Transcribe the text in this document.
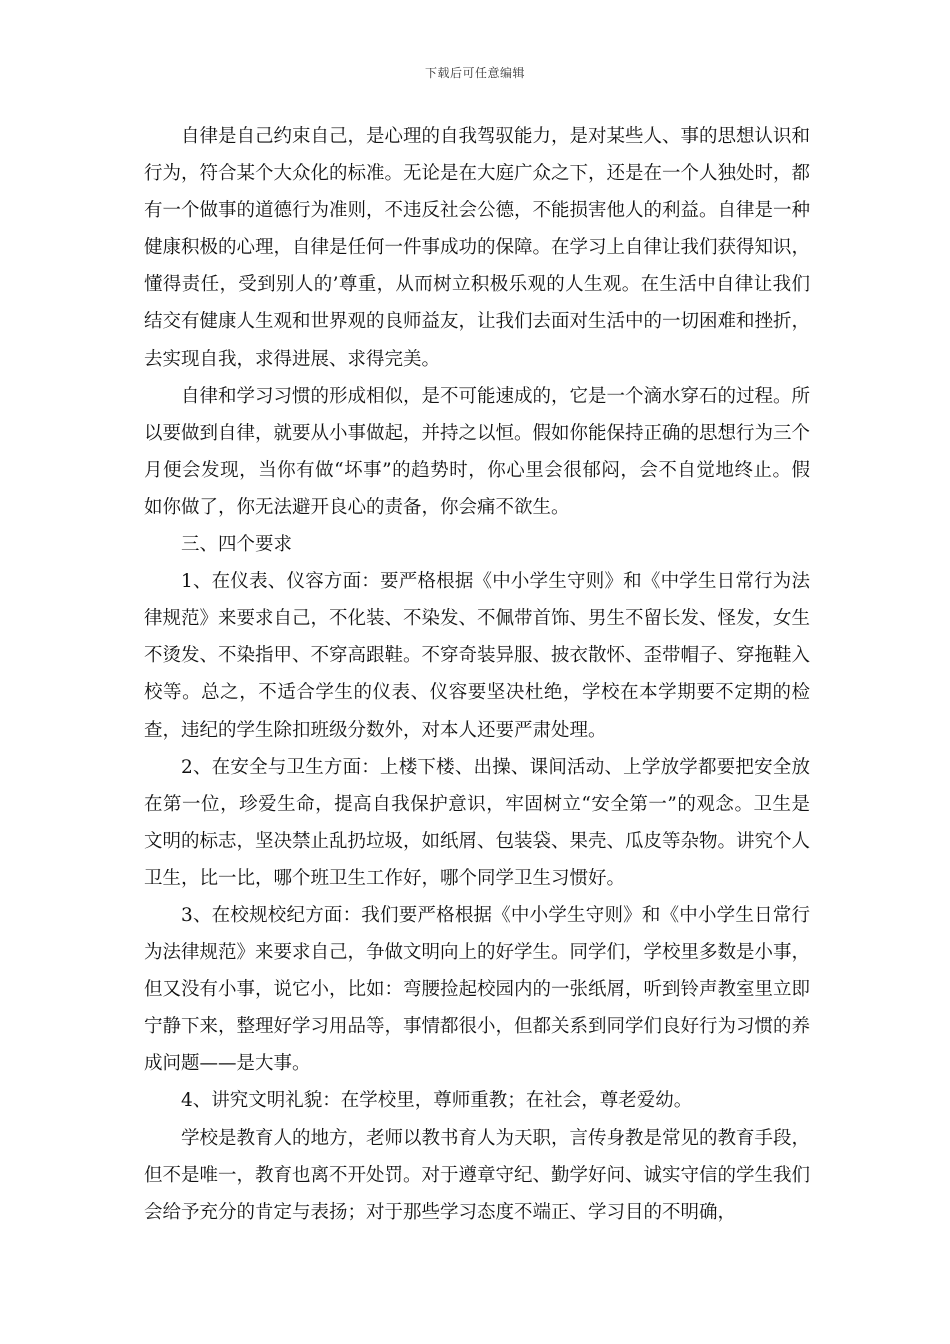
下载后可任意编辑

自律是自己约束自己，是心理的自我驾驭能力，是对某些人、事的思想认识和行为，符合某个大众化的标准。无论是在大庭广众之下，还是在一个人独处时，都有一个做事的道德行为准则，不违反社会公德，不能损害他人的利益。自律是一种健康积极的心理，自律是任何一件事成功的保障。在学习上自律让我们获得知识，懂得责任，受到别人的’尊重，从而树立积极乐观的人生观。在生活中自律让我们结交有健康人生观和世界观的良师益友，让我们去面对生活中的一切困难和挫折，去实现自我，求得进展、求得完美。

自律和学习习惯的形成相似，是不可能速成的，它是一个滴水穿石的过程。所以要做到自律，就要从小事做起，并持之以恒。假如你能保持正确的思想行为三个月便会发现，当你有做“坏事”的趋势时，你心里会很郁闷，会不自觉地终止。假如你做了，你无法避开良心的责备，你会痛不欲生。

三、四个要求

1、在仪表、仪容方面：要严格根据《中小学生守则》和《中学生日常行为法律规范》来要求自己，不化装、不染发、不佩带首饰、男生不留长发、怪发，女生不烫发、不染指甲、不穿高跟鞋。不穿奇装异服、披衣散怀、歪带帽子、穿拖鞋入校等。总之，不适合学生的仪表、仪容要坚决杜绝，学校在本学期要不定期的检查，违纪的学生除扣班级分数外，对本人还要严肃处理。

2、在安全与卫生方面：上楼下楼、出操、课间活动、上学放学都要把安全放在第一位，珍爱生命，提高自我保护意识，牢固树立“安全第一”的观念。卫生是文明的标志，坚决禁止乱扔垃圾，如纸屑、包装袋、果壳、瓜皮等杂物。讲究个人卫生，比一比，哪个班卫生工作好，哪个同学卫生习惯好。

3、在校规校纪方面：我们要严格根据《中小学生守则》和《中小学生日常行为法律规范》来要求自己，争做文明向上的好学生。同学们，学校里多数是小事，但又没有小事，说它小，比如：弯腰捡起校园内的一张纸屑，听到铃声教室里立即宁静下来，整理好学习用品等，事情都很小，但都关系到同学们良好行为习惯的养成问题——是大事。

4、讲究文明礼貌：在学校里，尊师重教；在社会，尊老爱幼。

学校是教育人的地方，老师以教书育人为天职，言传身教是常见的教育手段，但不是唯一，教育也离不开处罚。对于遵章守纪、勤学好问、诚实守信的学生我们会给予充分的肯定与表扬；对于那些学习态度不端正、学习目的不明确，
